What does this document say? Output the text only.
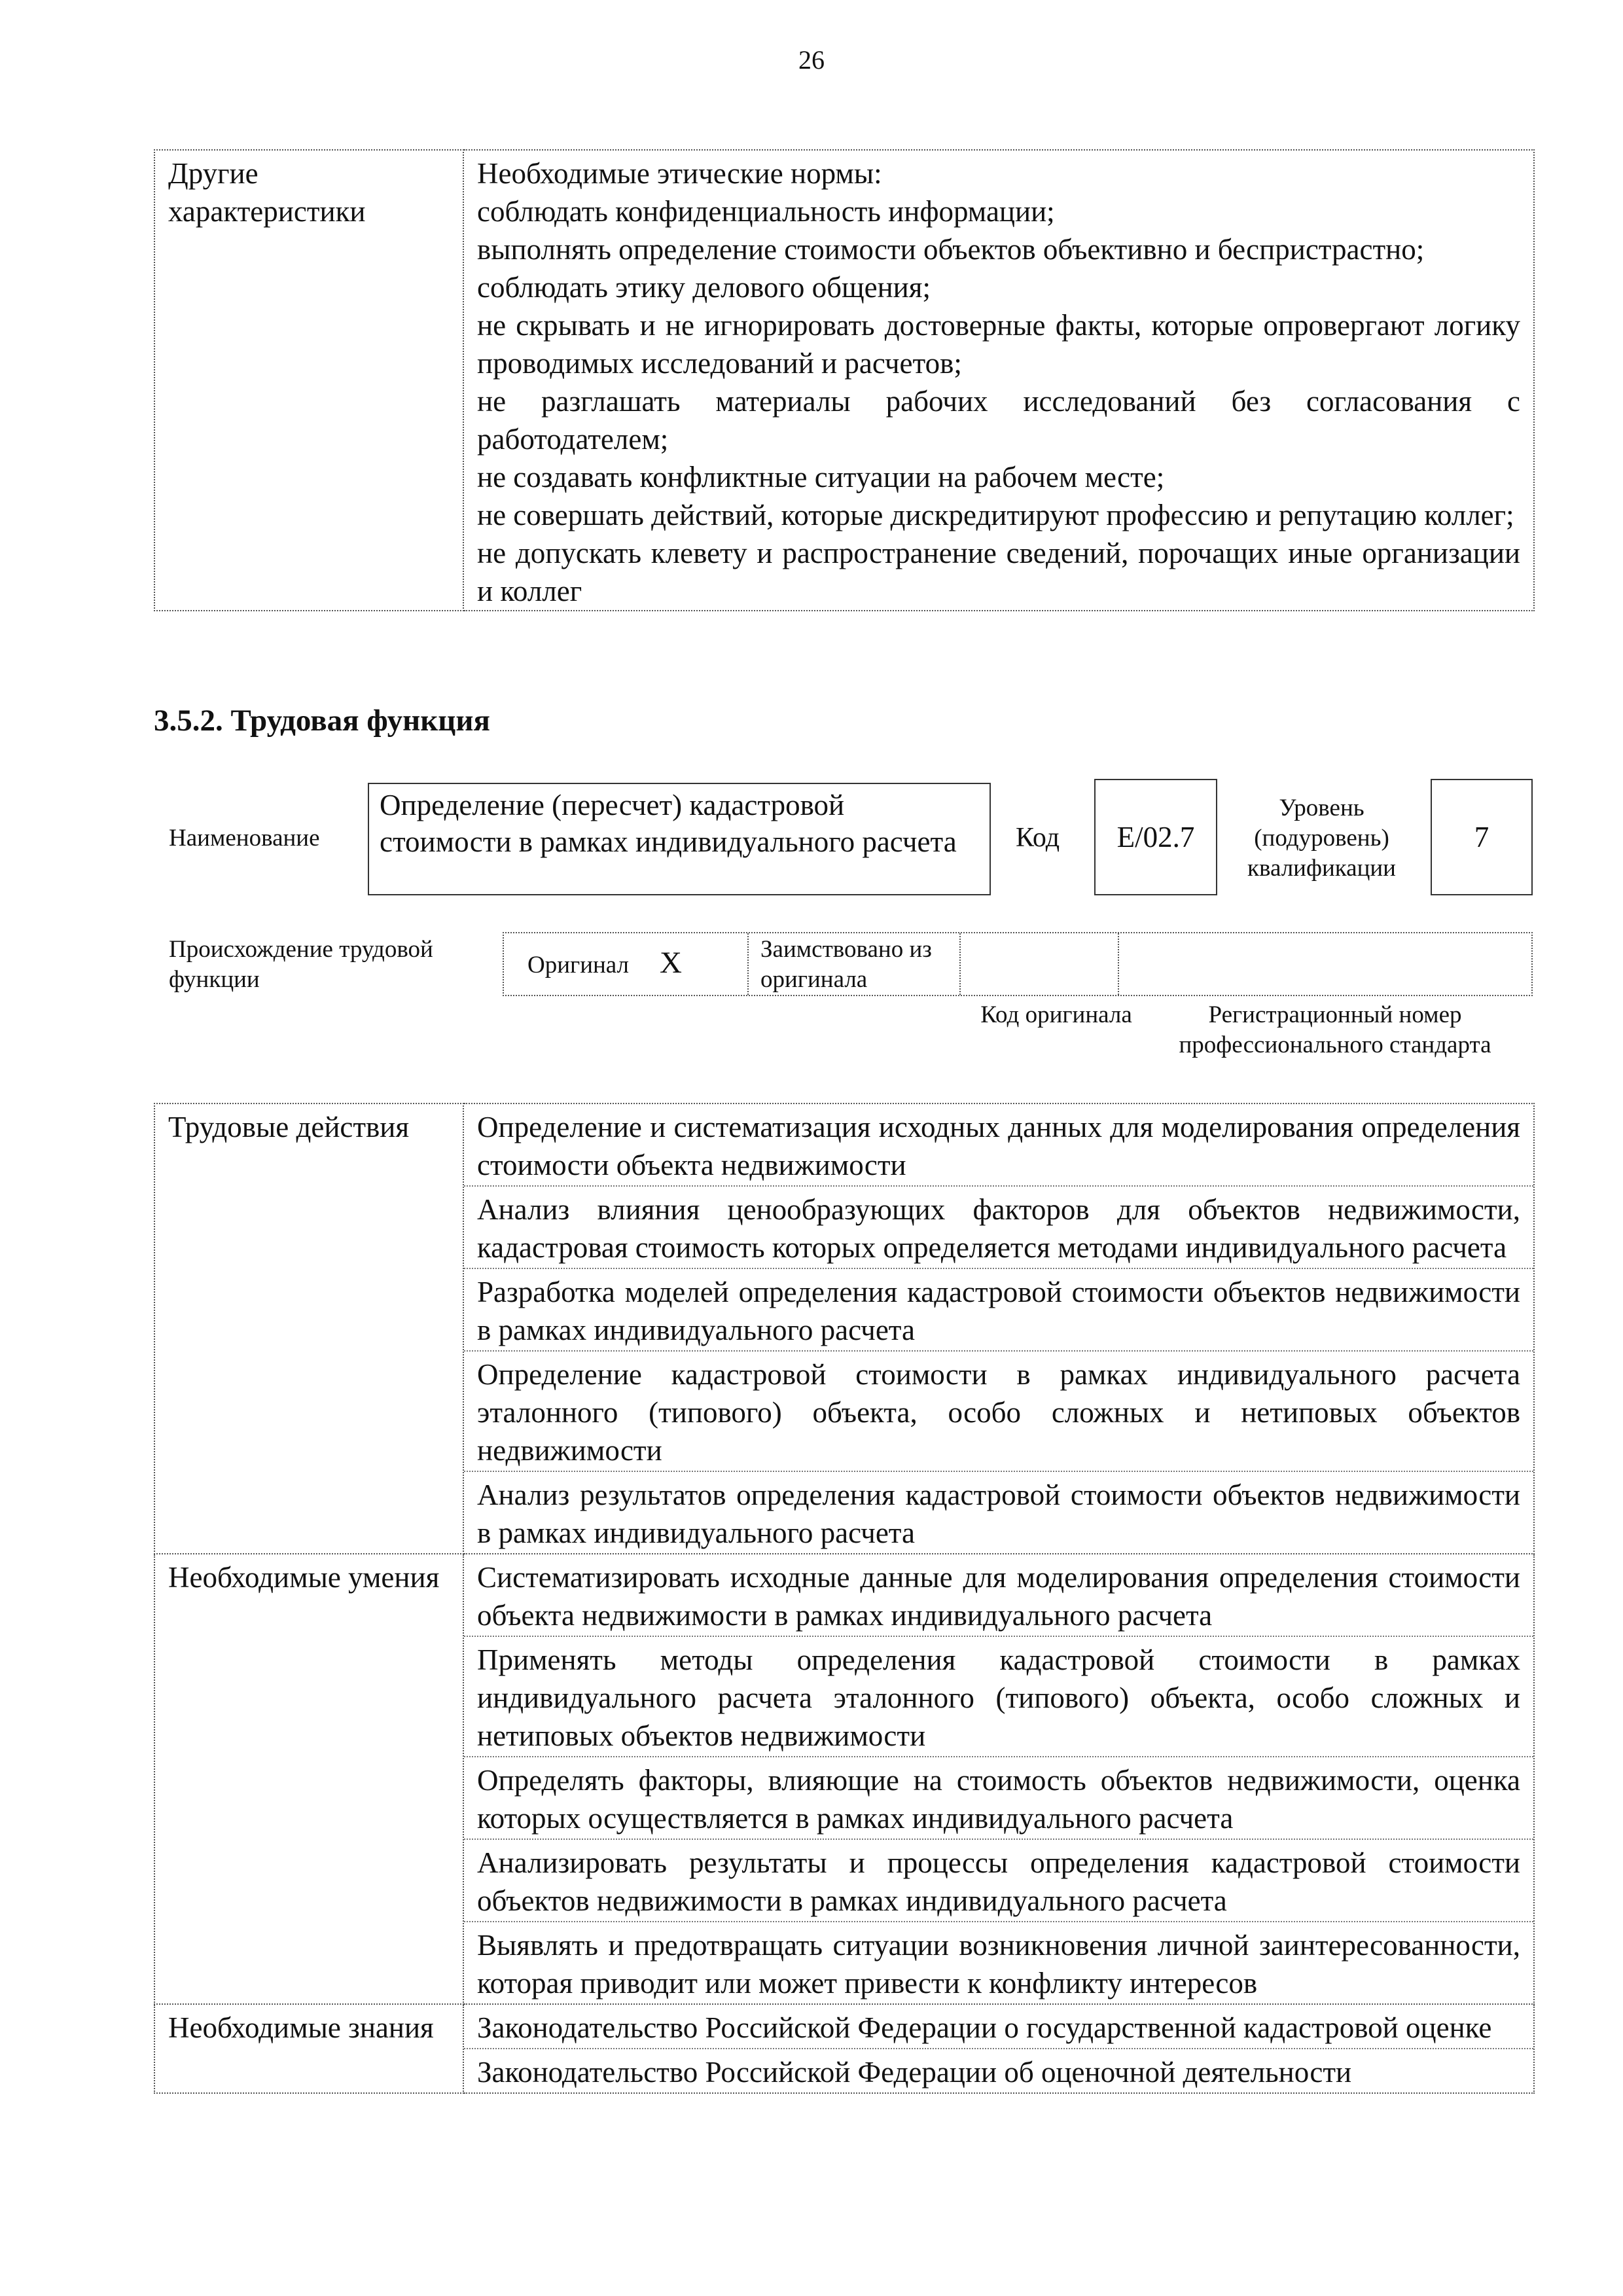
26
Другие характеристики	
Необходимые этические нормы:
соблюдать конфиденциальность информации;
выполнять определение стоимости объектов объективно и беспристрастно;
соблюдать этику делового общения;
не скрывать и не игнорировать достоверные факты, которые опровергают логику проводимых исследований и расчетов;
не разглашать материалы рабочих исследований без согласования с работодателем;
не создавать конфликтные ситуации на рабочем месте;
не совершать действий, которые дискредитируют профессию и репутацию коллег;
не допускать клевету и распространение сведений, порочащих иные организации и коллег
3.5.2. Трудовая функция
Наименование
Определение (пересчет) кадастровой стоимости в рамках индивидуального расчета	Код	E/02.7
Уровень (подуровень) квалификации
7
Происхождение трудовой функции
Оригинал X	Заимствовано из оригинала
Код оригинала	Регистрационный номер профессионального стандарта
Трудовые действия	Определение и систематизация исходных данных для моделирования определения стоимости объекта недвижимости
Анализ влияния ценообразующих факторов для объектов недвижимости, кадастровая стоимость которых определяется методами индивидуального расчета
Разработка моделей определения кадастровой стоимости объектов недвижимости в рамках индивидуального расчета
Определение кадастровой стоимости в рамках индивидуального расчета эталонного (типового) объекта, особо сложных и нетиповых объектов недвижимости
Анализ результатов определения кадастровой стоимости объектов недвижимости в рамках индивидуального расчета

Необходимые умения	Систематизировать исходные данные для моделирования определения стоимости объекта недвижимости в рамках индивидуального расчета
Применять методы определения кадастровой стоимости в рамках индивидуального расчета эталонного (типового) объекта, особо сложных и нетиповых объектов недвижимости
Определять факторы, влияющие на стоимость объектов недвижимости, оценка которых осуществляется в рамках индивидуального расчета
Анализировать результаты и процессы определения кадастровой стоимости объектов недвижимости в рамках индивидуального расчета
Выявлять и предотвращать ситуации возникновения личной заинтересованности, которая приводит или может привести к конфликту интересов

Необходимые знания	Законодательство Российской Федерации о государственной кадастровой оценке
Законодательство Российской Федерации об оценочной деятельности
